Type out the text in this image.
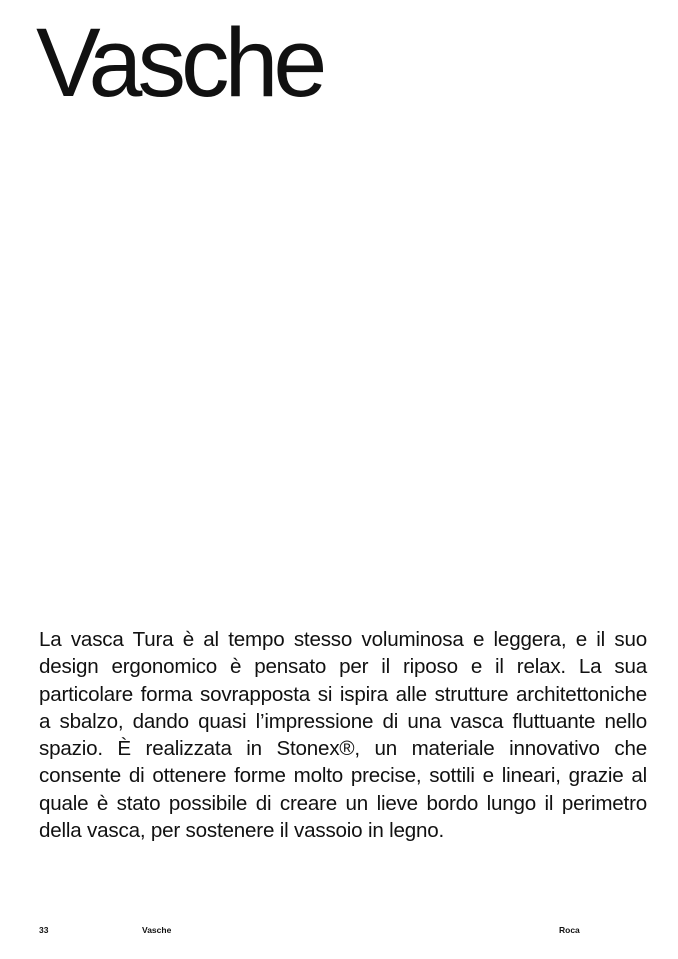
Vasche

La vasca Tura è al tempo stesso voluminosa e leggera, e il suo design ergonomico è pensato per il riposo e il relax. La sua particolare forma sovrapposta si ispira alle strutture architettoniche a sbalzo, dando quasi l’impressione di una vasca fluttuante nello spazio. È realizzata in Stonex®, un materiale innovativo che consente di ottenere forme molto precise, sottili e lineari, grazie al quale è stato possibile di creare un lieve bordo lungo il perimetro della vasca, per sostenere il vassoio in legno.

33	Vasche	Roca
